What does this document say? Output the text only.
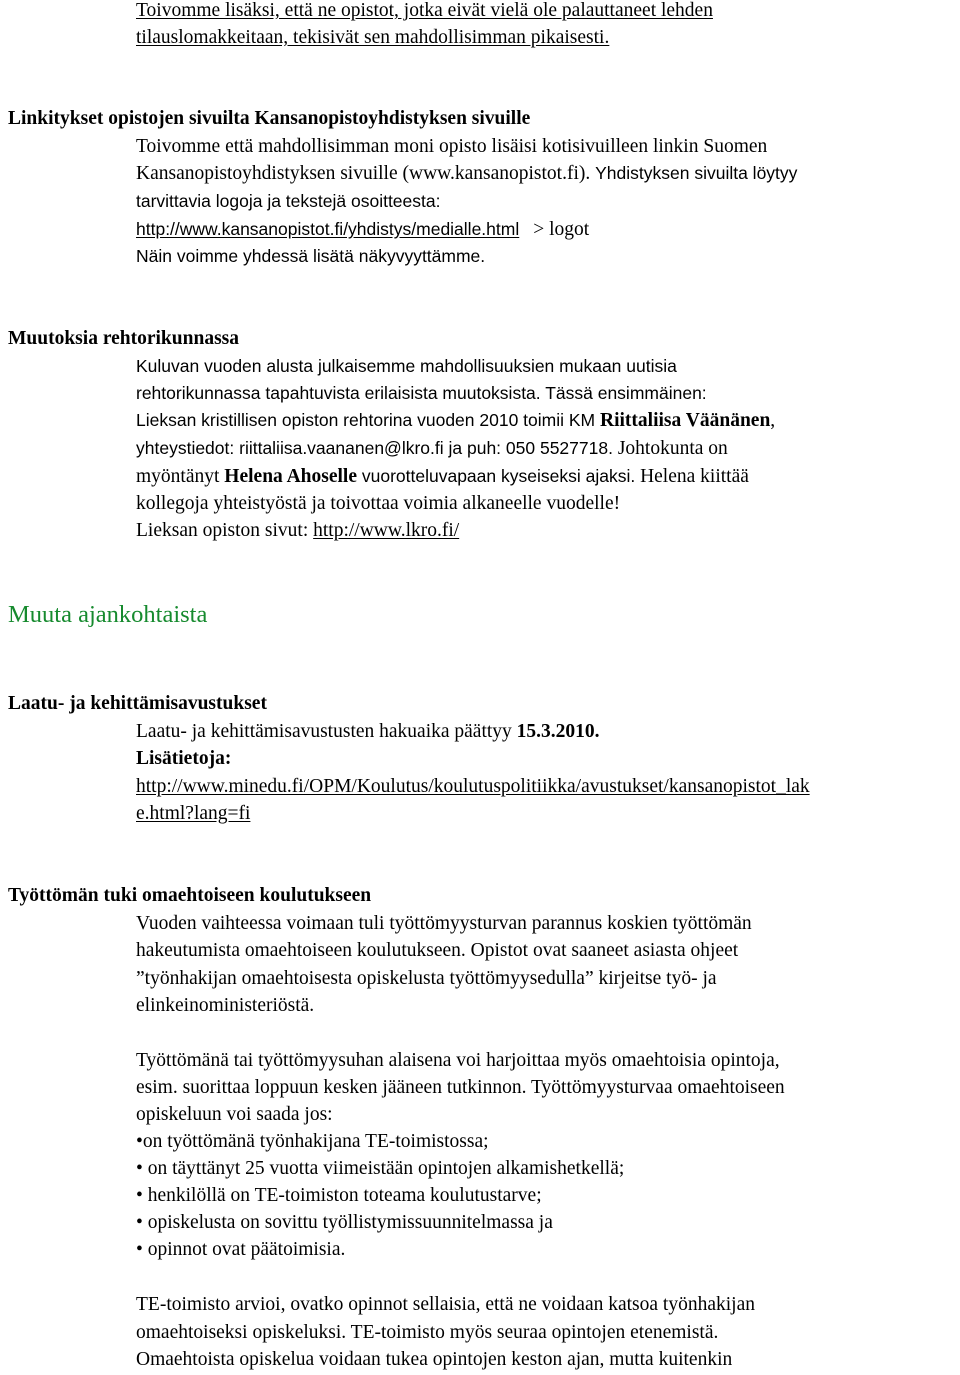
Toivomme lisäksi, että ne opistot, jotka eivät vielä ole palauttaneet lehden

tilauslomakkeitaan, tekisivät sen mahdollisimman pikaisesti.

Linkitykset opistojen sivuilta Kansanopistoyhdistyksen sivuille

Toivomme että mahdollisimman moni opisto lisäisi kotisivuilleen linkin Suomen

Kansanopistoyhdistyksen sivuille (www.kansanopistot.fi). Yhdistyksen sivuilta löytyy

tarvittavia logoja ja tekstejä osoitteesta:

http://www.kansanopistot.fi/yhdistys/medialle.html > logot

Näin voimme yhdessä lisätä näkyvyyttämme.

Muutoksia rehtorikunnassa

Kuluvan vuoden alusta julkaisemme mahdollisuuksien mukaan uutisia

rehtorikunnassa tapahtuvista erilaisista muutoksista. Tässä ensimmäinen:

Lieksan kristillisen opiston rehtorina vuoden 2010 toimii KM Riittaliisa Väänänen,

yhteystiedot: riittaliisa.vaananen@lkro.fi ja puh: 050 5527718. Johtokunta on

myöntänyt Helena Ahoselle vuorotteluvapaan kyseiseksi ajaksi. Helena kiittää

kollegoja yhteistyöstä ja toivottaa voimia alkaneelle vuodelle!

Lieksan opiston sivut: http://www.lkro.fi/

Muuta ajankohtaista

Laatu- ja kehittämisavustukset

Laatu- ja kehittämisavustusten hakuaika päättyy 15.3.2010.

Lisätietoja:

http://www.minedu.fi/OPM/Koulutus/koulutuspolitiikka/avustukset/kansanopistot_lak

e.html?lang=fi

Työttömän tuki omaehtoiseen koulutukseen

Vuoden vaihteessa voimaan tuli työttömyysturvan parannus koskien työttömän

hakeutumista omaehtoiseen koulutukseen. Opistot ovat saaneet asiasta ohjeet

”työnhakijan omaehtoisesta opiskelusta työttömyysedulla” kirjeitse työ- ja

elinkeinoministeriöstä.

Työttömänä tai työttömyysuhan alaisena voi harjoittaa myös omaehtoisia opintoja,

esim. suorittaa loppuun kesken jääneen tutkinnon. Työttömyysturvaa omaehtoiseen

opiskeluun voi saada jos:

•on työttömänä työnhakijana TE-toimistossa;

• on täyttänyt 25 vuotta viimeistään opintojen alkamishetkellä;

• henkilöllä on TE-toimiston toteama koulutustarve;

• opiskelusta on sovittu työllistymissuunnitelmassa ja

• opinnot ovat päätoimisia.

TE-toimisto arvioi, ovatko opinnot sellaisia, että ne voidaan katsoa työnhakijan

omaehtoiseksi opiskeluksi. TE-toimisto myös seuraa opintojen etenemistä.

Omaehtoista opiskelua voidaan tukea opintojen keston ajan, mutta kuitenkin
